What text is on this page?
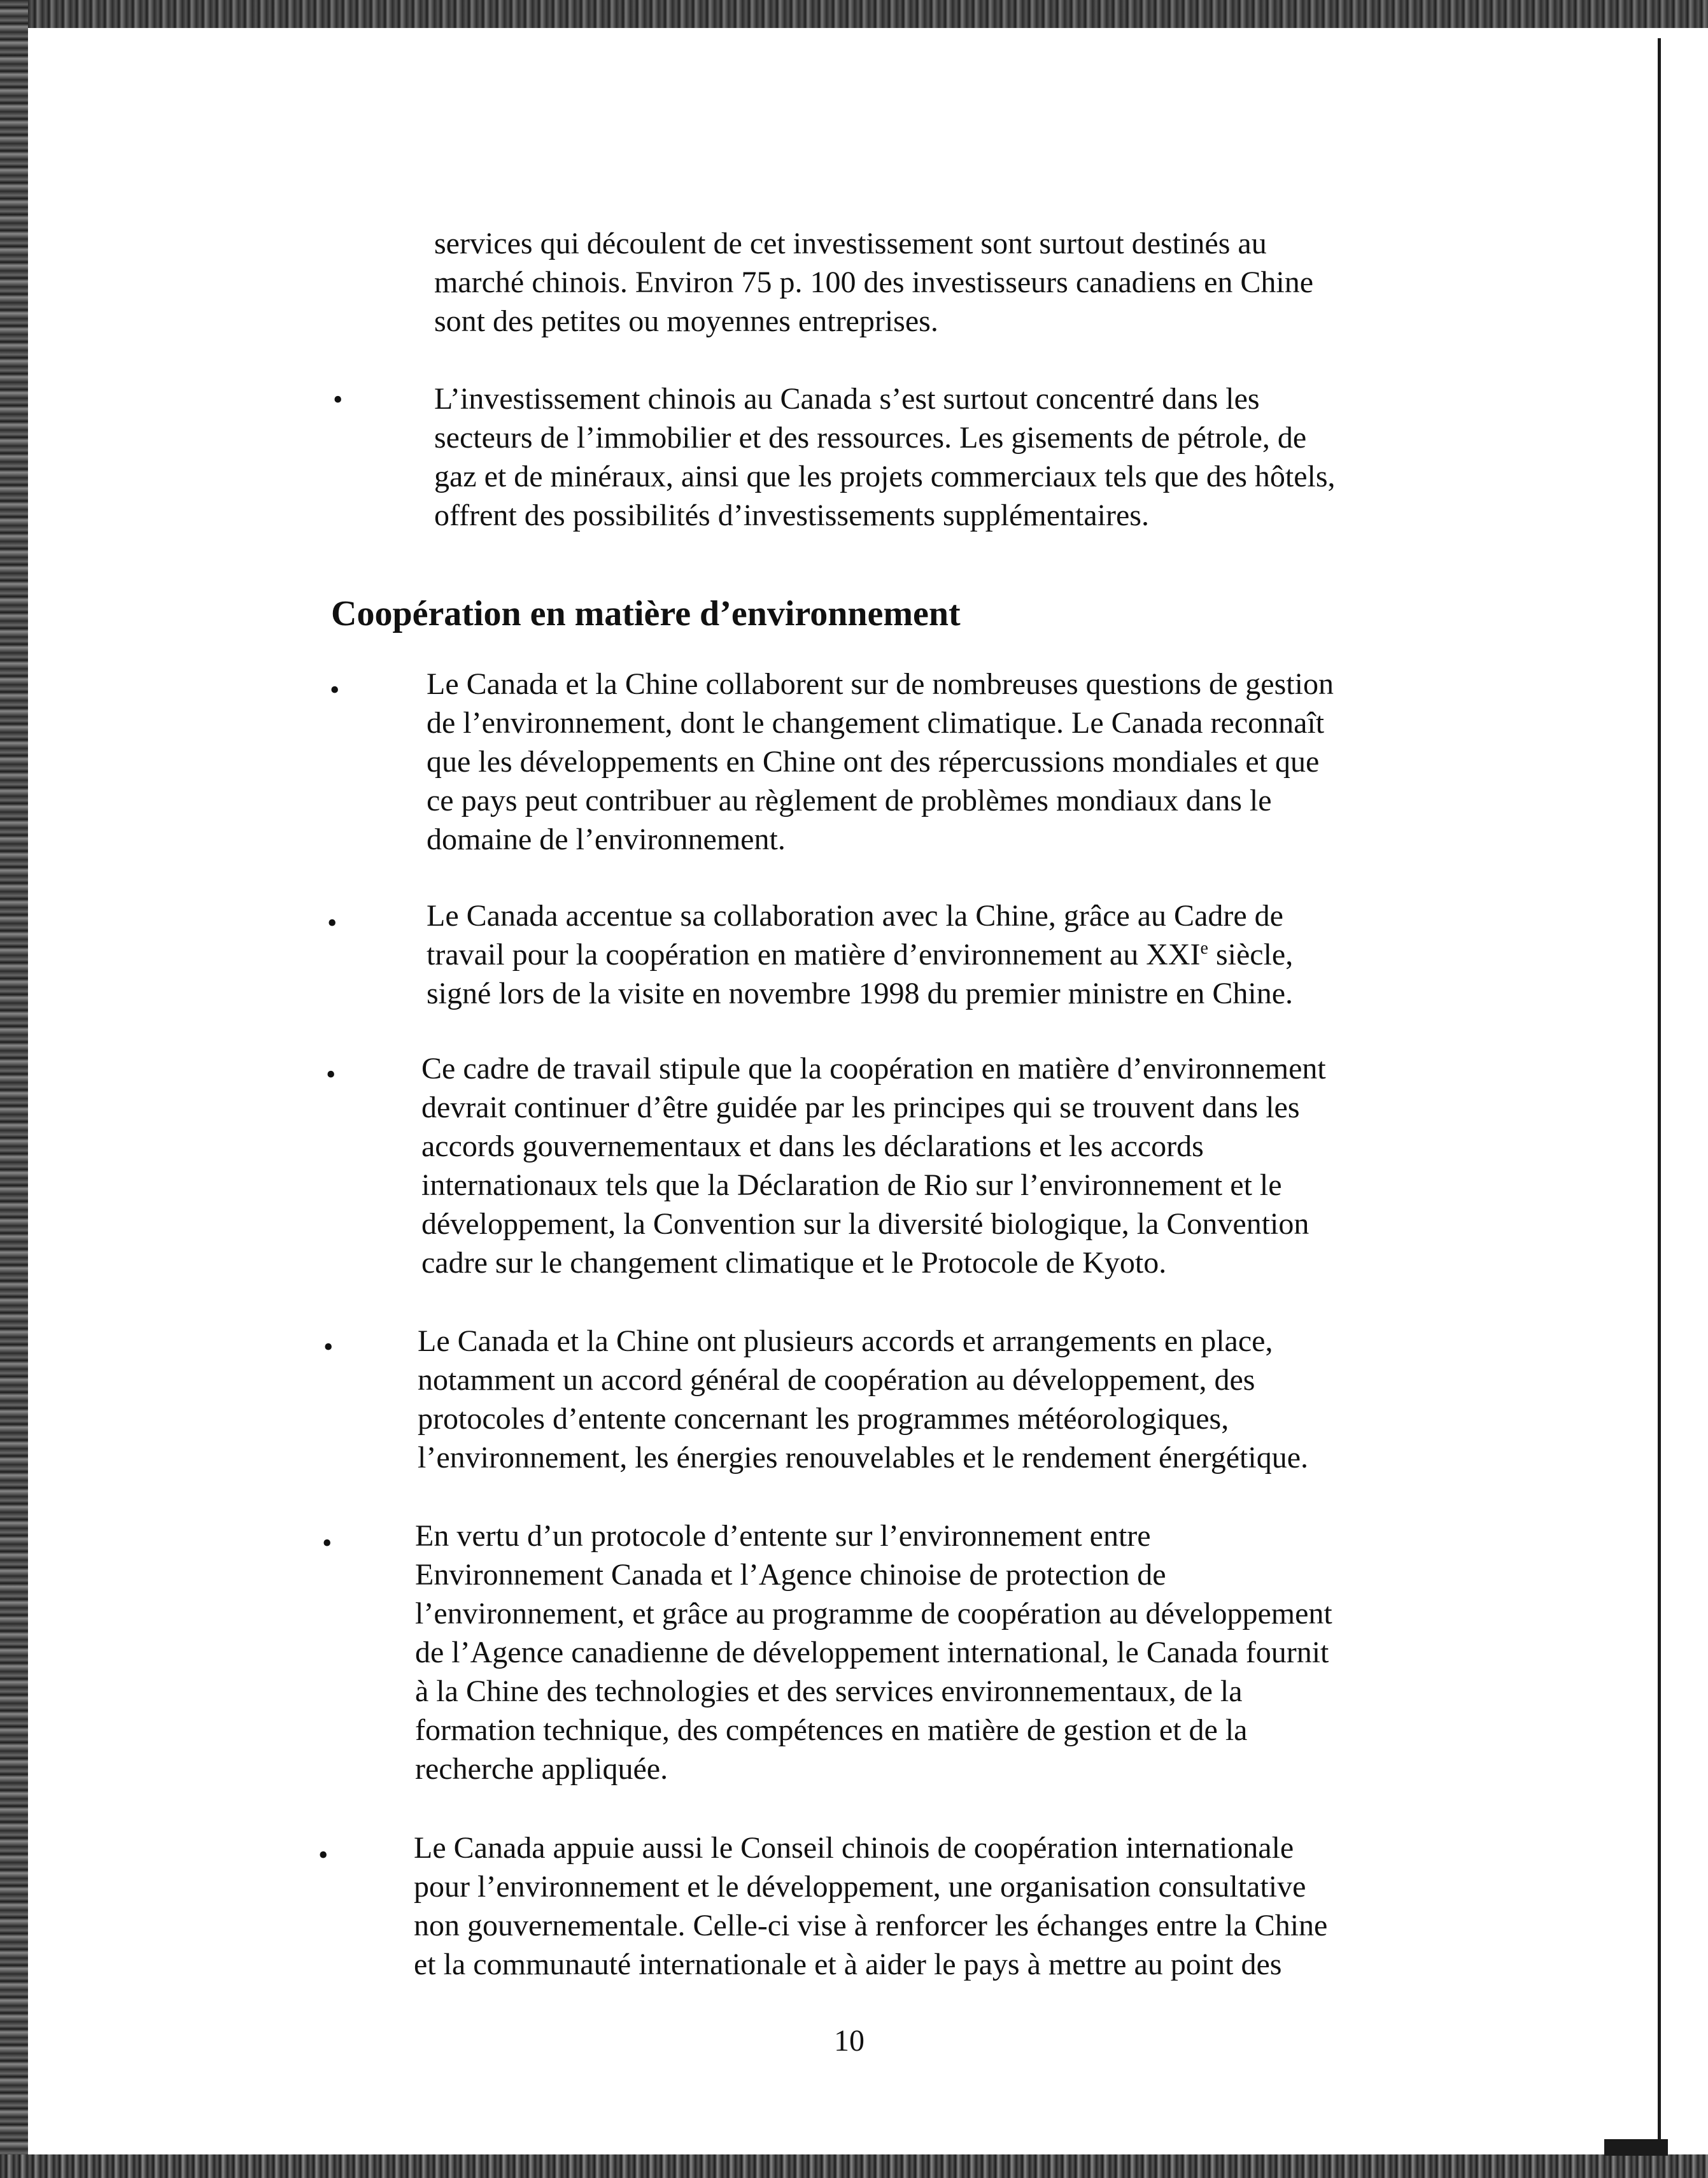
services qui découlent de cet investissement sont surtout destinés au
marché chinois. Environ 75 p. 100 des investisseurs canadiens en Chine
sont des petites ou moyennes entreprises.

•	L’investissement chinois au Canada s’est surtout concentré dans les
secteurs de l’immobilier et des ressources. Les gisements de pétrole, de
gaz et de minéraux, ainsi que les projets commerciaux tels que des hôtels,
offrent des possibilités d’investissements supplémentaires.

Coopération en matière d’environnement
•	Le Canada et la Chine collaborent sur de nombreuses questions de gestion
de l’environnement, dont le changement climatique. Le Canada reconnaît
que les développements en Chine ont des répercussions mondiales et que
ce pays peut contribuer au règlement de problèmes mondiaux dans le
domaine de l’environnement.

•	Le Canada accentue sa collaboration avec la Chine, grâce au Cadre de
travail pour la coopération en matière d’environnement au XXIe siècle,
signé lors de la visite en novembre 1998 du premier ministre en Chine.

•	Ce cadre de travail stipule que la coopération en matière d’environnement
devrait continuer d’être guidée par les principes qui se trouvent dans les
accords gouvernementaux et dans les déclarations et les accords
internationaux tels que la Déclaration de Rio sur l’environnement et le
développement, la Convention sur la diversité biologique, la Convention
cadre sur le changement climatique et le Protocole de Kyoto.

•	Le Canada et la Chine ont plusieurs accords et arrangements en place,
notamment un accord général de coopération au développement, des
protocoles d’entente concernant les programmes météorologiques,
l’environnement, les énergies renouvelables et le rendement énergétique.

•	En vertu d’un protocole d’entente sur l’environnement entre
Environnement Canada et l’Agence chinoise de protection de
l’environnement, et grâce au programme de coopération au développement
de l’Agence canadienne de développement international, le Canada fournit
à la Chine des technologies et des services environnementaux, de la
formation technique, des compétences en matière de gestion et de la
recherche appliquée.

•	Le Canada appuie aussi le Conseil chinois de coopération internationale
pour l’environnement et le développement, une organisation consultative
non gouvernementale. Celle-ci vise à renforcer les échanges entre la Chine
et la communauté internationale et à aider le pays à mettre au point des

10
